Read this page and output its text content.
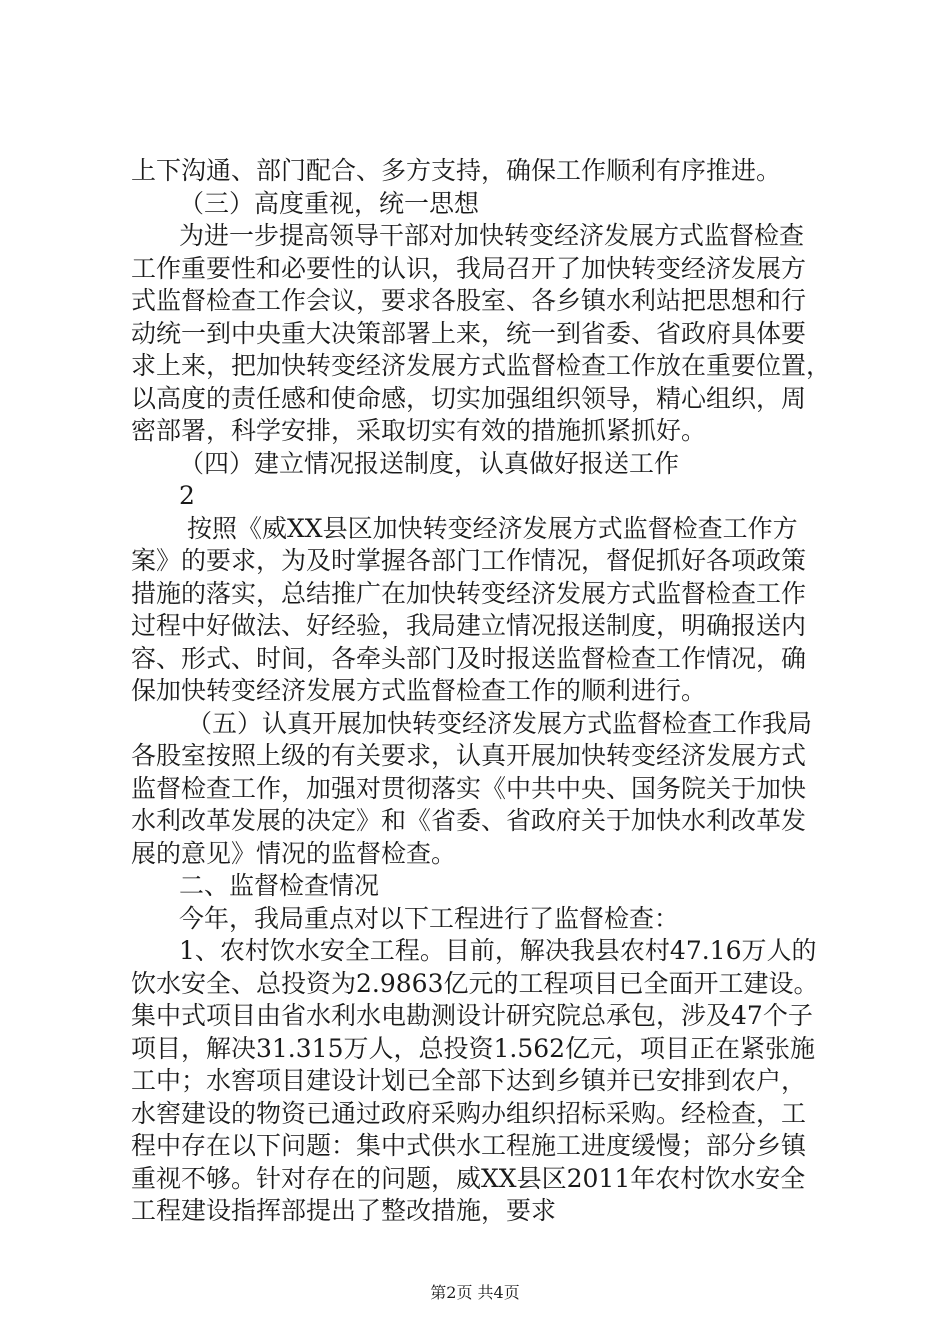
上下沟通、部门配合、多方支持，确保工作顺利有序推进。
（三）高度重视，统一思想
为进一步提高领导干部对加快转变经济发展方式监督检查
工作重要性和必要性的认识，我局召开了加快转变经济发展方
式监督检查工作会议，要求各股室、各乡镇水利站把思想和行
动统一到中央重大决策部署上来，统一到省委、省政府具体要
求上来，把加快转变经济发展方式监督检查工作放在重要位置，
以高度的责任感和使命感，切实加强组织领导，精心组织，周
密部署，科学安排，采取切实有效的措施抓紧抓好。
（四）建立情况报送制度，认真做好报送工作
2
按照《威XX县区加快转变经济发展方式监督检查工作方
案》的要求，为及时掌握各部门工作情况，督促抓好各项政策
措施的落实，总结推广在加快转变经济发展方式监督检查工作
过程中好做法、好经验，我局建立情况报送制度，明确报送内
容、形式、时间，各牵头部门及时报送监督检查工作情况，确
保加快转变经济发展方式监督检查工作的顺利进行。
（五）认真开展加快转变经济发展方式监督检查工作我局
各股室按照上级的有关要求，认真开展加快转变经济发展方式
监督检查工作，加强对贯彻落实《中共中央、国务院关于加快
水利改革发展的决定》和《省委、省政府关于加快水利改革发
展的意见》情况的监督检查。
二、监督检查情况
今年，我局重点对以下工程进行了监督检查：
1、农村饮水安全工程。目前，解决我县农村47.16万人的
饮水安全、总投资为2.9863亿元的工程项目已全面开工建设。
集中式项目由省水利水电勘测设计研究院总承包，涉及47个子
项目，解决31.315万人，总投资1.562亿元，项目正在紧张施
工中；水窖项目建设计划已全部下达到乡镇并已安排到农户，
水窖建设的物资已通过政府采购办组织招标采购。经检查，工
程中存在以下问题：集中式供水工程施工进度缓慢；部分乡镇
重视不够。针对存在的问题，威XX县区2011年农村饮水安全
工程建设指挥部提出了整改措施，要求
第2页 共4页
